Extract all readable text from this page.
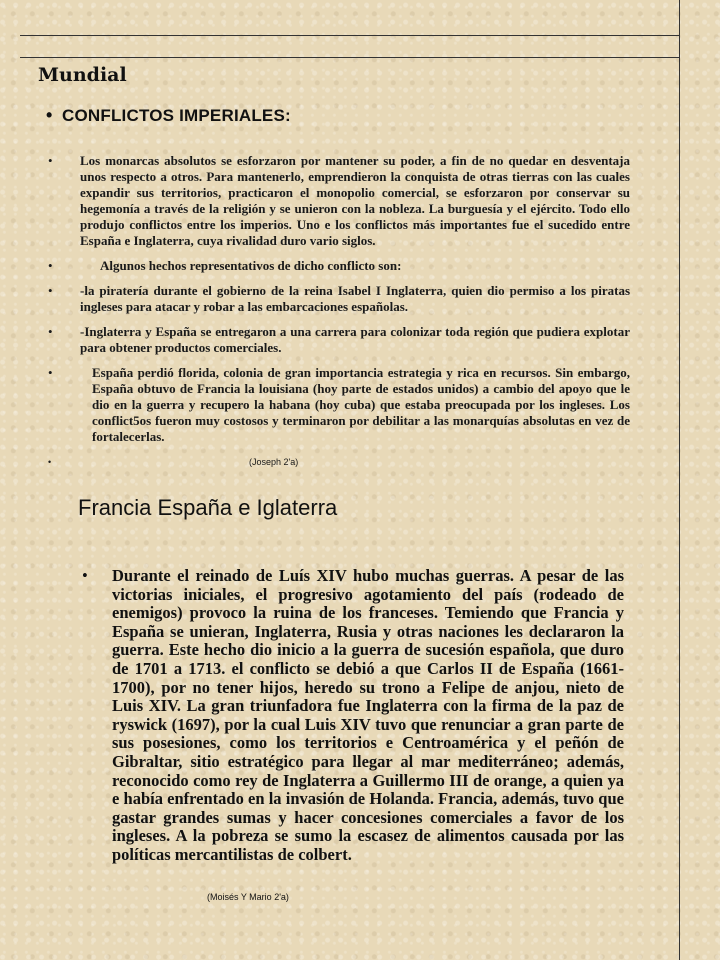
Mundial
• CONFLICTOS IMPERIALES:
• Los monarcas absolutos se esforzaron por mantener su poder, a fin de no quedar en desventaja unos respecto a otros. Para mantenerlo, emprendieron la conquista de otras tierras con las cuales expandir sus territorios, practicaron el monopolio comercial, se esforzaron por conservar su hegemonía a través de la religión y se unieron con la nobleza. La burguesía y el ejército. Todo ello produjo conflictos entre los imperios. Uno e los conflictos más importantes fue el sucedido entre España e Inglaterra, cuya rivalidad duro vario siglos.
•	Algunos hechos representativos de dicho conflicto son:
• -la piratería durante el gobierno de la reina Isabel I Inglaterra, quien dio permiso a los piratas ingleses para atacar y robar a las embarcaciones españolas.
• -Inglaterra y España se entregaron a una carrera para colonizar toda región que pudiera explotar para obtener productos comerciales.
•	España perdió florida, colonia de gran importancia estrategia y rica en recursos. Sin embargo, España obtuvo de Francia la louisiana (hoy parte de estados unidos) a cambio del apoyo que le dio en la guerra y recupero la habana (hoy cuba) que estaba preocupada por los ingleses. Los conflict5os fueron muy costosos y terminaron por debilitar a las monarquías absolutas en vez de fortalecerlas.
•	(Joseph 2'a)
Francia España e Iglaterra
• Durante el reinado de Luís XIV hubo muchas guerras. A pesar de las victorias iniciales, el progresivo agotamiento del país (rodeado de enemigos) provoco la ruina de los franceses. Temiendo que Francia y España se unieran, Inglaterra, Rusia y otras naciones les declararon la guerra. Este hecho dio inicio a la guerra de sucesión española, que duro de 1701 a 1713. el conflicto se debió a que Carlos II de España (1661-1700), por no tener hijos, heredo su trono a Felipe de anjou, nieto de Luis XIV. La gran triunfadora fue Inglaterra con la firma de la paz de ryswick (1697), por la cual Luis XIV tuvo que renunciar a gran parte de sus posesiones, como los territorios e Centroamérica y el peñón de Gibraltar, sitio estratégico para llegar al mar mediterráneo; además, reconocido como rey de Inglaterra a Guillermo III de orange, a quien ya e había enfrentado en la invasión de Holanda. Francia, además, tuvo que gastar grandes sumas y hacer concesiones comerciales a favor de los ingleses. A la pobreza se sumo la escasez de alimentos causada por las políticas mercantilistas de colbert.
(Moisés Y Mario 2'a)
